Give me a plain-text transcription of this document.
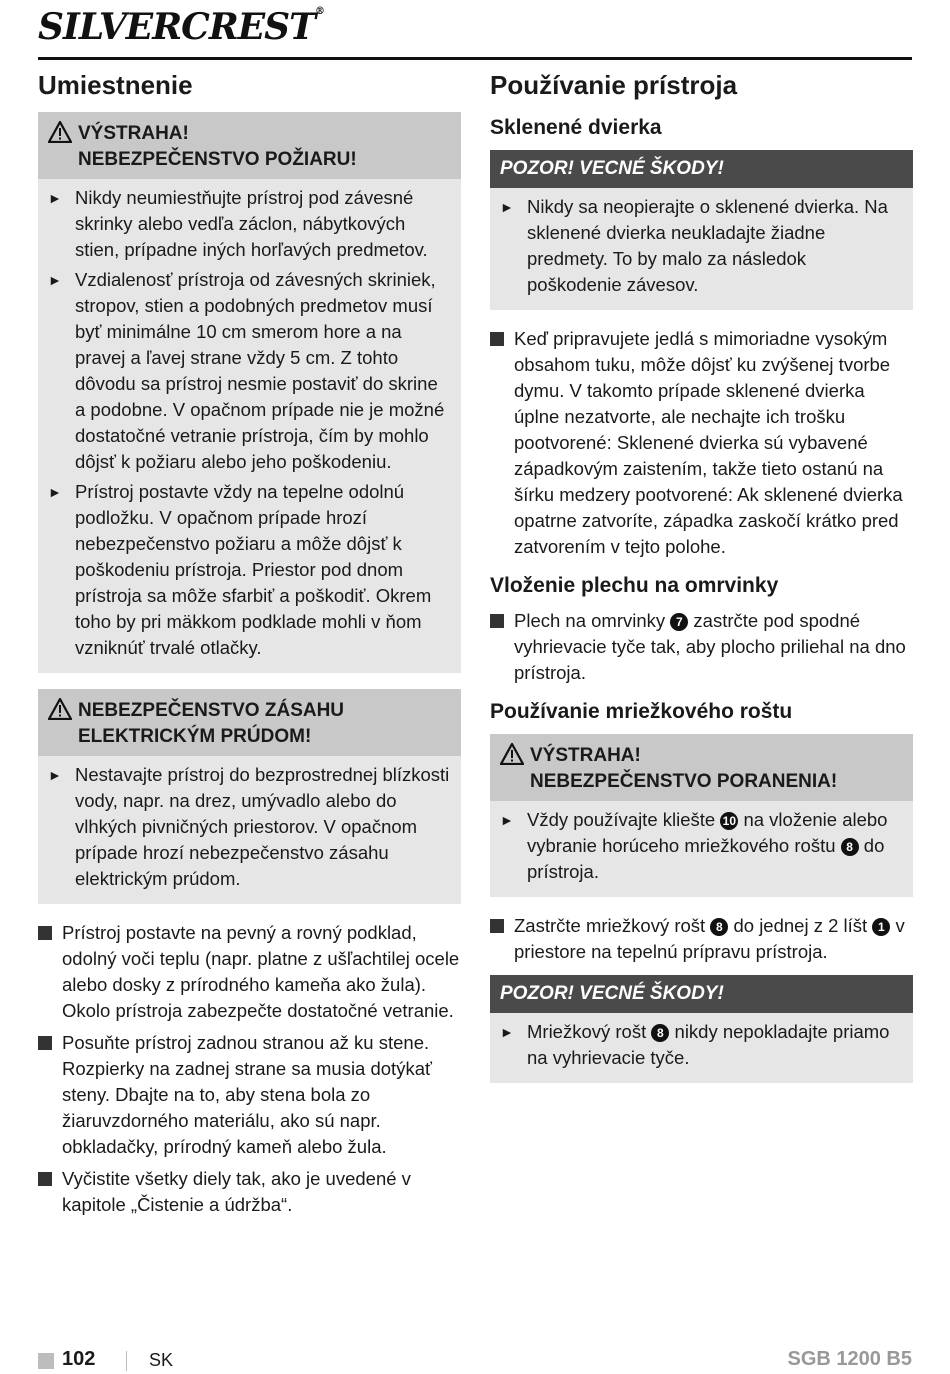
SILVERCREST®
Umiestnenie
VÝSTRAHA!
NEBEZPEČENSTVO POŽIARU!
► Nikdy neumiestňujte prístroj pod závesné skrinky alebo vedľa záclon, nábytkových stien, prípadne iných horľavých predmetov.
► Vzdialenosť prístroja od závesných skriniek, stropov, stien a podobných predmetov musí byť minimálne 10 cm smerom hore a na pravej a ľavej strane vždy 5 cm. Z tohto dôvodu sa prístroj nesmie postaviť do skrine a podobne. V opačnom prípade nie je možné dostatočné vetranie prístroja, čím by mohlo dôjsť k požiaru alebo jeho poškodeniu.
► Prístroj postavte vždy na tepelne odolnú podložku. V opačnom prípade hrozí nebezpečenstvo požiaru a môže dôjsť k poškodeniu prístroja. Priestor pod dnom prístroja sa môže sfarbiť a poškodiť. Okrem toho by pri mäkkom podklade mohli v ňom vzniknúť trvalé otlačky.
NEBEZPEČENSTVO ZÁSAHU
ELEKTRICKÝM PRÚDOM!
► Nestavajte prístroj do bezprostrednej blízkosti vody, napr. na drez, umývadlo alebo do vlhkých pivničných priestorov. V opačnom prípade hrozí nebezpečenstvo zásahu elektrickým prúdom.
Prístroj postavte na pevný a rovný podklad, odolný voči teplu (napr. platne z ušľachtilej ocele alebo dosky z prírodného kameňa ako žula). Okolo prístroja zabezpečte dostatočné vetranie.
Posuňte prístroj zadnou stranou až ku stene. Rozpierky na zadnej strane sa musia dotýkať steny. Dbajte na to, aby stena bola zo žiaruvzdorného materiálu, ako sú napr. obkladačky, prírodný kameň alebo žula.
Vyčistite všetky diely tak, ako je uvedené v kapitole „Čistenie a údržba“.
Používanie prístroja
Sklenené dvierka
POZOR! VECNÉ ŠKODY!
► Nikdy sa neopierajte o sklenené dvierka. Na sklenené dvierka neukladajte žiadne predmety. To by malo za následok poškodenie závesov.
Keď pripravujete jedlá s mimoriadne vysokým obsahom tuku, môže dôjsť ku zvýšenej tvorbe dymu. V takomto prípade sklenené dvierka úplne nezatvorte, ale nechajte ich trošku pootvorené: Sklenené dvierka sú vybavené západkovým zaistením, takže tieto ostanú na šírku medzery pootvorené: Ak sklenené dvierka opatrne zatvoríte, západka zaskočí krátko pred zatvorením v tejto polohe.
Vloženie plechu na omrvinky
Plech na omrvinky 7 zastrčte pod spodné vyhrievacie tyče tak, aby plocho priliehal na dno prístroja.
Používanie mriežkového roštu
VÝSTRAHA!
NEBEZPEČENSTVO PORANENIA!
► Vždy používajte kliešte 10 na vloženie alebo vybranie horúceho mriežkového roštu 8 do prístroja.
Zastrčte mriežkový rošt 8 do jednej z 2 líšt 1 v priestore na tepelnú prípravu prístroja.
POZOR! VECNÉ ŠKODY!
► Mriežkový rošt 8 nikdy nepokladajte priamo na vyhrievacie tyče.
102	SK	SGB 1200 B5
